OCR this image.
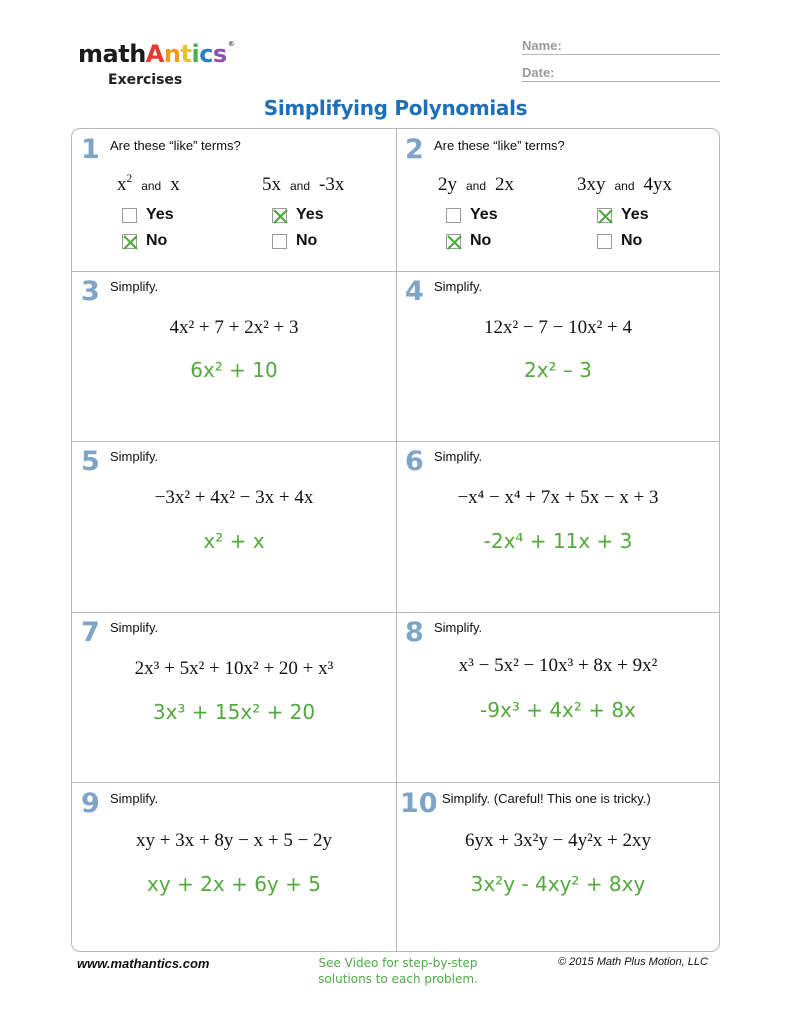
mathAntics®
Exercises
Name:
Date:
Simplifying Polynomials
1 Are these “like” terms?
$x^2and$ x
Yes
No
5x and -3x
Yes
No
2 Are these “like” terms?
2y and 2x
Yes
No
3xy and 4yx
Yes
No
3 Simplify.
4x² + 7 + 2x² + 3
6x² + 10
4 Simplify.
12x² − 7 − 10x² + 4
2x² – 3
5 Simplify.
−3x² + 4x² − 3x + 4x
x² + x
6 Simplify.
−x⁴ − x⁴ + 7x + 5x − x + 3
-2x⁴ + 11x + 3
7 Simplify.
2x³ + 5x² + 10x² + 20 + x³
3x³ + 15x² + 20
8 Simplify.
x³ − 5x² − 10x³ + 8x + 9x²
-9x³ + 4x² + 8x
9 Simplify.
xy + 3x + 8y − x + 5 − 2y
xy + 2x + 6y + 5
10 Simplify. (Careful! This one is tricky.)
6yx + 3x²y − 4y²x + 2xy
3x²y - 4xy² + 8xy
www.mathantics.com	See Video for step-by-step
solutions to each problem.
© 2015 Math Plus Motion, LLC
